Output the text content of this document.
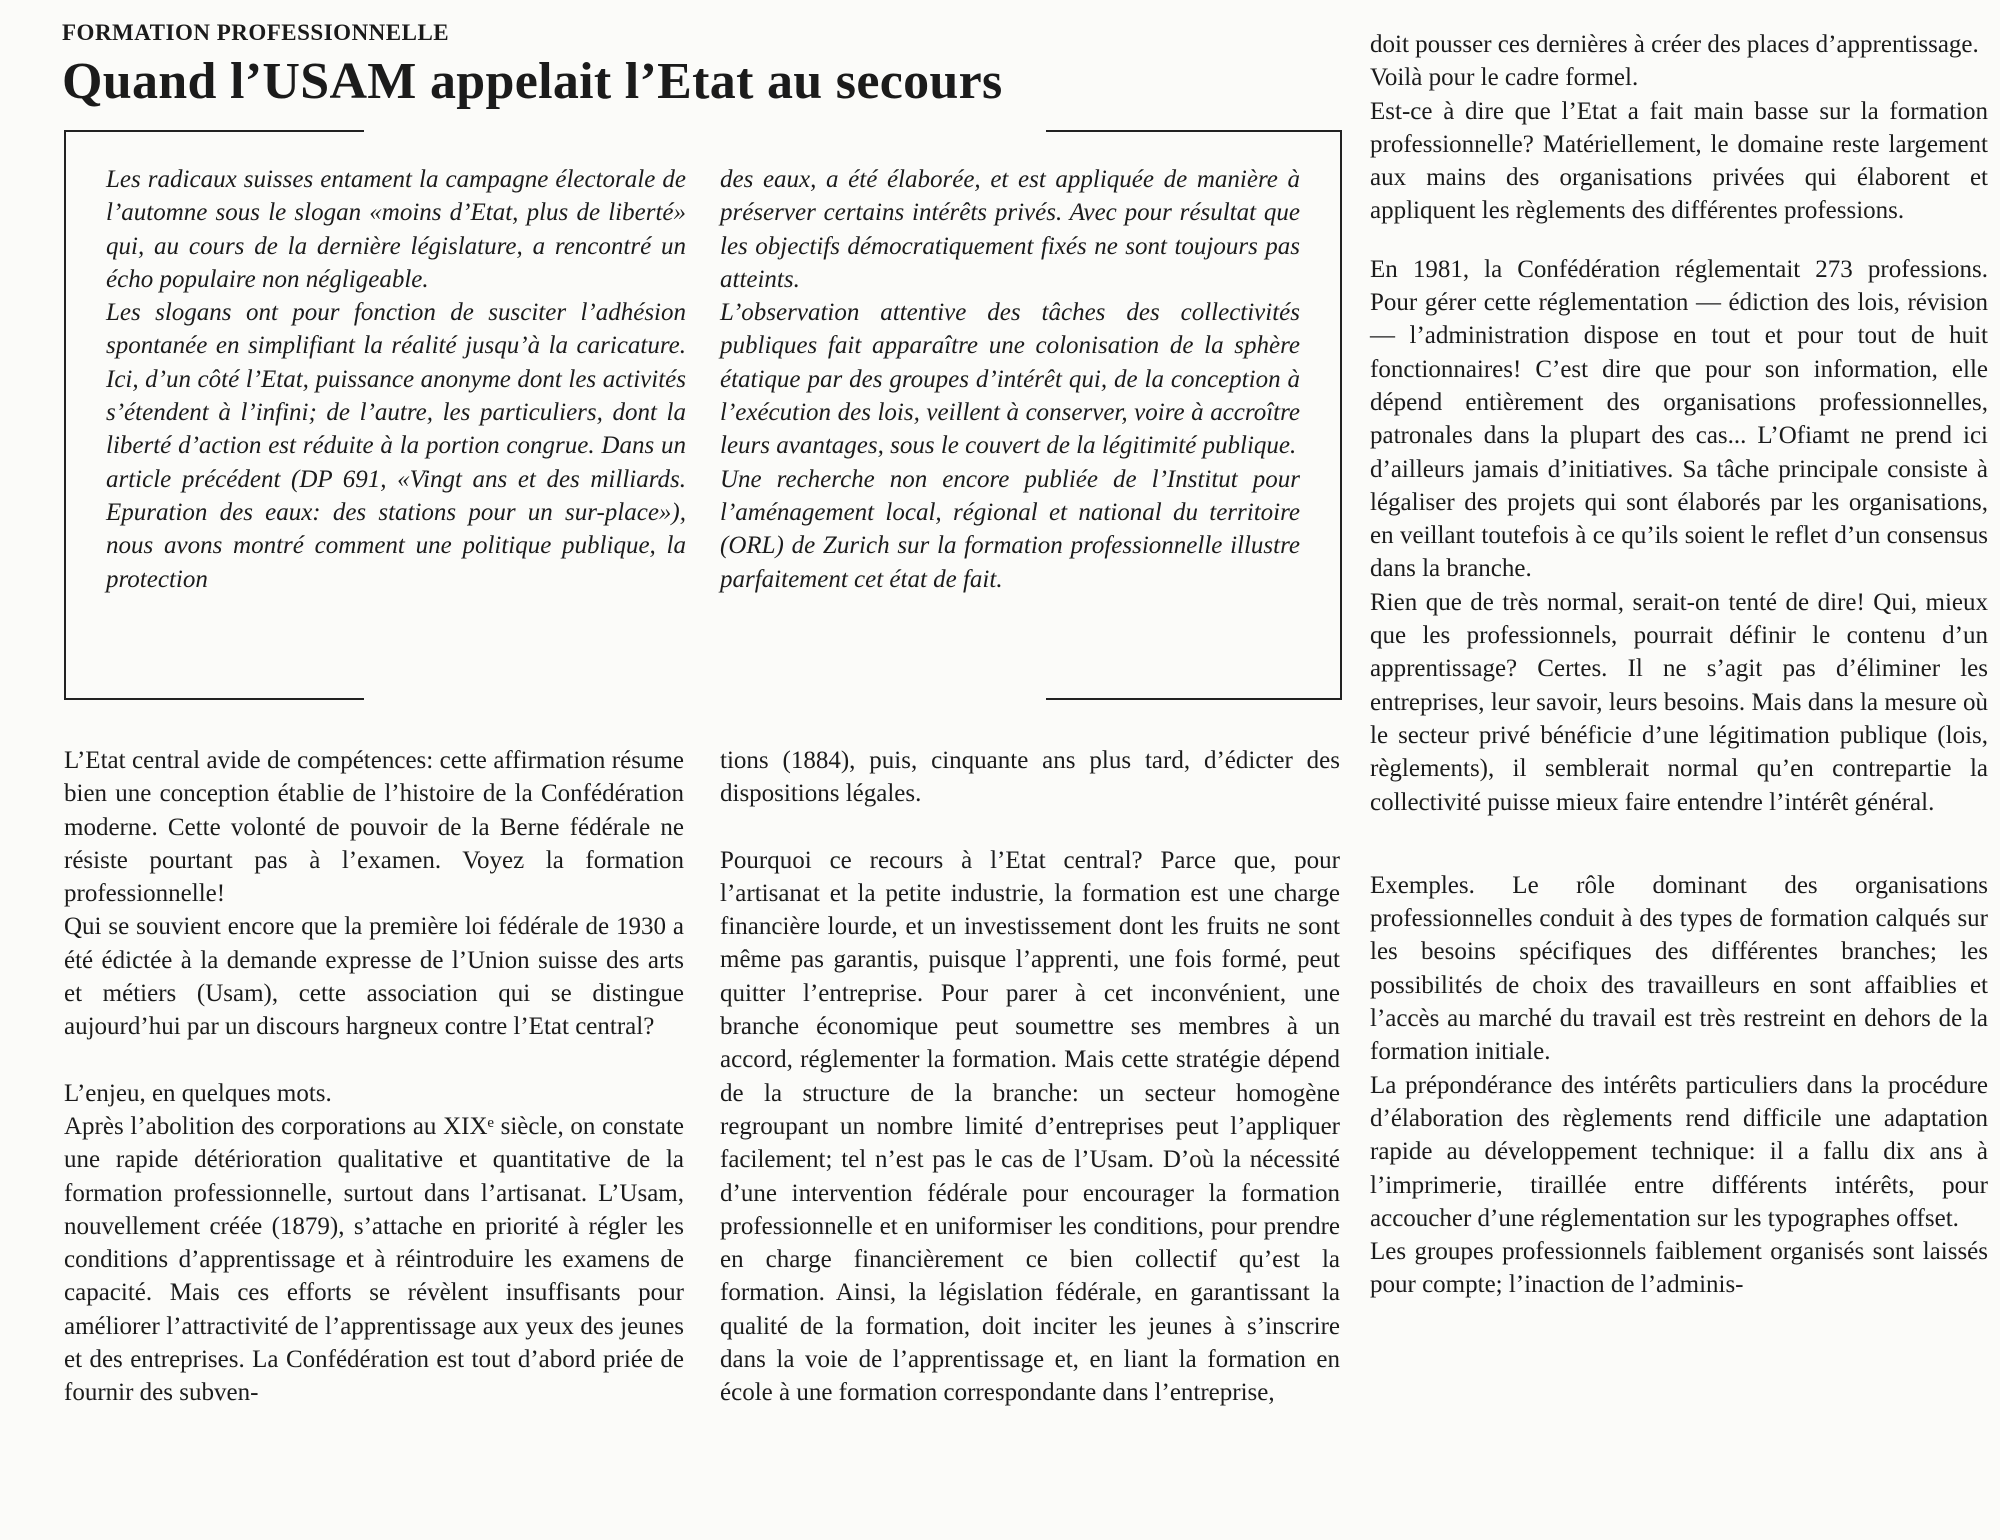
FORMATION PROFESSIONNELLE
Quand l’USAM appelait l’Etat au secours

Les radicaux suisses entament la campagne électorale de l’automne sous le slogan «moins d’Etat, plus de liberté» qui, au cours de la dernière législature, a rencontré un écho populaire non négligeable.

Les slogans ont pour fonction de susciter l’adhésion spontanée en simplifiant la réalité jusqu’à la caricature. Ici, d’un côté l’Etat, puissance anonyme dont les activités s’étendent à l’infini; de l’autre, les particuliers, dont la liberté d’action est réduite à la portion congrue. Dans un article précédent (DP 691, «Vingt ans et des milliards. Epuration des eaux: des stations pour un sur-place»), nous avons montré comment une politique publique, la protection

des eaux, a été élaborée, et est appliquée de manière à préserver certains intérêts privés. Avec pour résultat que les objectifs démocratiquement fixés ne sont toujours pas atteints.

L’observation attentive des tâches des collectivités publiques fait apparaître une colonisation de la sphère étatique par des groupes d’intérêt qui, de la conception à l’exécution des lois, veillent à conserver, voire à accroître leurs avantages, sous le couvert de la légitimité publique.

Une recherche non encore publiée de l’Institut pour l’aménagement local, régional et national du territoire (ORL) de Zurich sur la formation professionnelle illustre parfaitement cet état de fait.

L’Etat central avide de compétences: cette affirmation résume bien une conception établie de l’histoire de la Confédération moderne. Cette volonté de pouvoir de la Berne fédérale ne résiste pourtant pas à l’examen. Voyez la formation professionnelle!

Qui se souvient encore que la première loi fédérale de 1930 a été édictée à la demande expresse de l’Union suisse des arts et métiers (Usam), cette association qui se distingue aujourd’hui par un discours hargneux contre l’Etat central?

L’enjeu, en quelques mots.

Après l’abolition des corporations au XIXᵉ siècle, on constate une rapide détérioration qualitative et quantitative de la formation professionnelle, surtout dans l’artisanat. L’Usam, nouvellement créée (1879), s’attache en priorité à régler les conditions d’apprentissage et à réintroduire les examens de capacité. Mais ces efforts se révèlent insuffisants pour améliorer l’attractivité de l’apprentissage aux yeux des jeunes et des entreprises. La Confédération est tout d’abord priée de fournir des subven-

tions (1884), puis, cinquante ans plus tard, d’édicter des dispositions légales.

Pourquoi ce recours à l’Etat central? Parce que, pour l’artisanat et la petite industrie, la formation est une charge financière lourde, et un investissement dont les fruits ne sont même pas garantis, puisque l’apprenti, une fois formé, peut quitter l’entreprise. Pour parer à cet inconvénient, une branche économique peut soumettre ses membres à un accord, réglementer la formation. Mais cette stratégie dépend de la structure de la branche: un secteur homogène regroupant un nombre limité d’entreprises peut l’appliquer facilement; tel n’est pas le cas de l’Usam. D’où la nécessité d’une intervention fédérale pour encourager la formation professionnelle et en uniformiser les conditions, pour prendre en charge financièrement ce bien collectif qu’est la formation. Ainsi, la législation fédérale, en garantissant la qualité de la formation, doit inciter les jeunes à s’inscrire dans la voie de l’apprentissage et, en liant la formation en école à une formation correspondante dans l’entreprise,

doit pousser ces dernières à créer des places d’apprentissage.

Voilà pour le cadre formel.

Est-ce à dire que l’Etat a fait main basse sur la formation professionnelle? Matériellement, le domaine reste largement aux mains des organisations privées qui élaborent et appliquent les règlements des différentes professions.

En 1981, la Confédération réglementait 273 professions. Pour gérer cette réglementation — édiction des lois, révision — l’administration dispose en tout et pour tout de huit fonctionnaires! C’est dire que pour son information, elle dépend entièrement des organisations professionnelles, patronales dans la plupart des cas... L’Ofiamt ne prend ici d’ailleurs jamais d’initiatives. Sa tâche principale consiste à légaliser des projets qui sont élaborés par les organisations, en veillant toutefois à ce qu’ils soient le reflet d’un consensus dans la branche.

Rien que de très normal, serait-on tenté de dire! Qui, mieux que les professionnels, pourrait définir le contenu d’un apprentissage? Certes. Il ne s’agit pas d’éliminer les entreprises, leur savoir, leurs besoins. Mais dans la mesure où le secteur privé bénéficie d’une légitimation publique (lois, règlements), il semblerait normal qu’en contrepartie la collectivité puisse mieux faire entendre l’intérêt général.

Exemples. Le rôle dominant des organisations professionnelles conduit à des types de formation calqués sur les besoins spécifiques des différentes branches; les possibilités de choix des travailleurs en sont affaiblies et l’accès au marché du travail est très restreint en dehors de la formation initiale.

La prépondérance des intérêts particuliers dans la procédure d’élaboration des règlements rend difficile une adaptation rapide au développement technique: il a fallu dix ans à l’imprimerie, tiraillée entre différents intérêts, pour accoucher d’une réglementation sur les typographes offset.

Les groupes professionnels faiblement organisés sont laissés pour compte; l’inaction de l’adminis-
